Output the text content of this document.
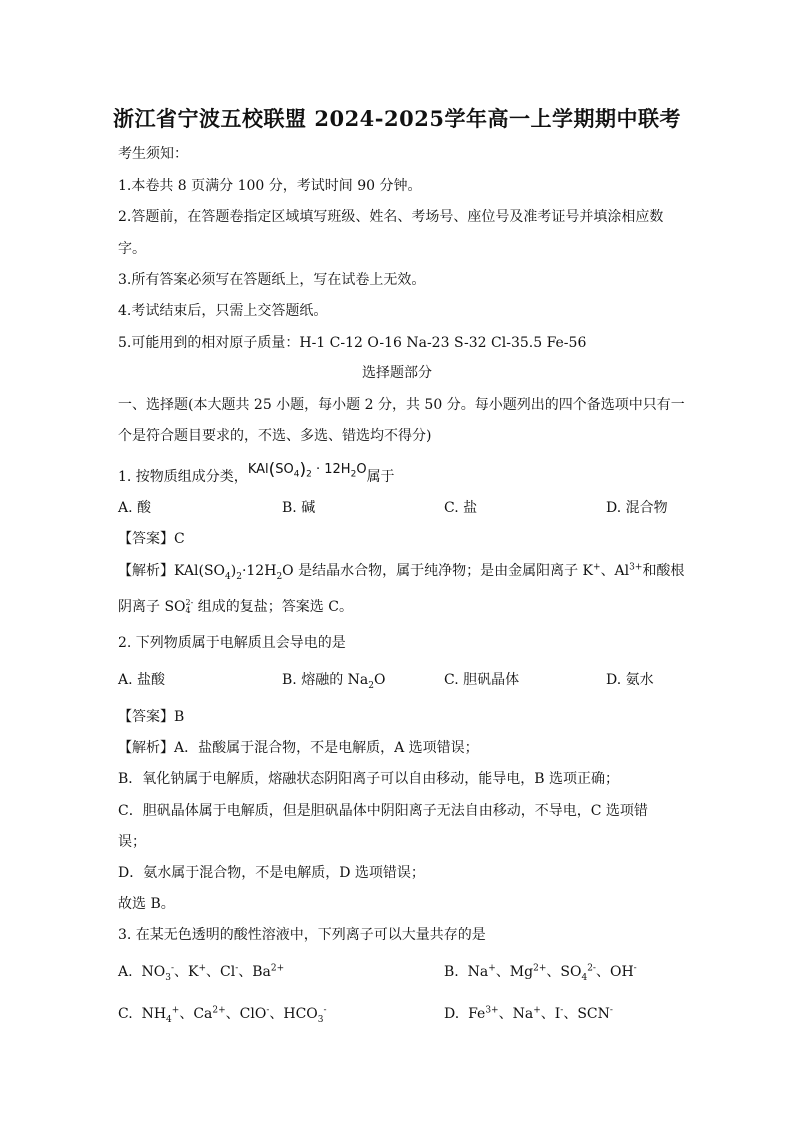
浙江省宁波五校联盟 2024-2025学年高一上学期期中联考
考生须知：
1.本卷共 8 页满分 100 分，考试时间 90 分钟。
2.答题前，在答题卷指定区域填写班级、姓名、考场号、座位号及准考证号并填涂相应数
字。
3.所有答案必须写在答题纸上，写在试卷上无效。
4.考试结束后，只需上交答题纸。
5.可能用到的相对原子质量：H-1 C-12 O-16 Na-23 S-32 Cl-35.5 Fe-56
选择题部分
一、选择题(本大题共 25 小题，每小题 2 分，共 50 分。每小题列出的四个备选项中只有一
个是符合题目要求的，不选、多选、错选均不得分)
1. 按物质组成分类，$KAl(SO_4)_2 \cdot 12H_2O$属于
A. 酸	B. 碱	C. 盐	D. 混合物
【答案】C
【解析】$KAl(SO_4)_2\cdot 12H_2O$ 是结晶水合物，属于纯净物；是由金属阳离子 K+、$Al^{3+}$和酸根
阴离子 SO 2-
4 组成的复盐；答案选 C。
2. 下列物质属于电解质且会导电的是
A. 盐酸	B. 熔融的 $Na_2O$	C. 胆矾晶体	D. 氨水
【答案】B
【解析】A．盐酸属于混合物，不是电解质，A 选项错误；
B．氧化钠属于电解质，熔融状态阴阳离子可以自由移动，能导电，B 选项正确；
C．胆矾晶体属于电解质，但是胆矾晶体中阴阳离子无法自由移动，不导电，C 选项错
误；
D．氨水属于混合物，不是电解质，D 选项错误；
故选 B。
3. 在某无色透明的酸性溶液中，下列离子可以大量共存的是
A. $NO_3^-$、K+、Cl-、$Ba^{2+}$	B. Na+、$Mg^{2+}$、$SO_4^{2-}$、OH-
C. $NH_4^+$、$Ca^{2+}$、ClO-、$HCO_3^-$	D. $Fe^{3+}$、Na+、I-、SCN-
